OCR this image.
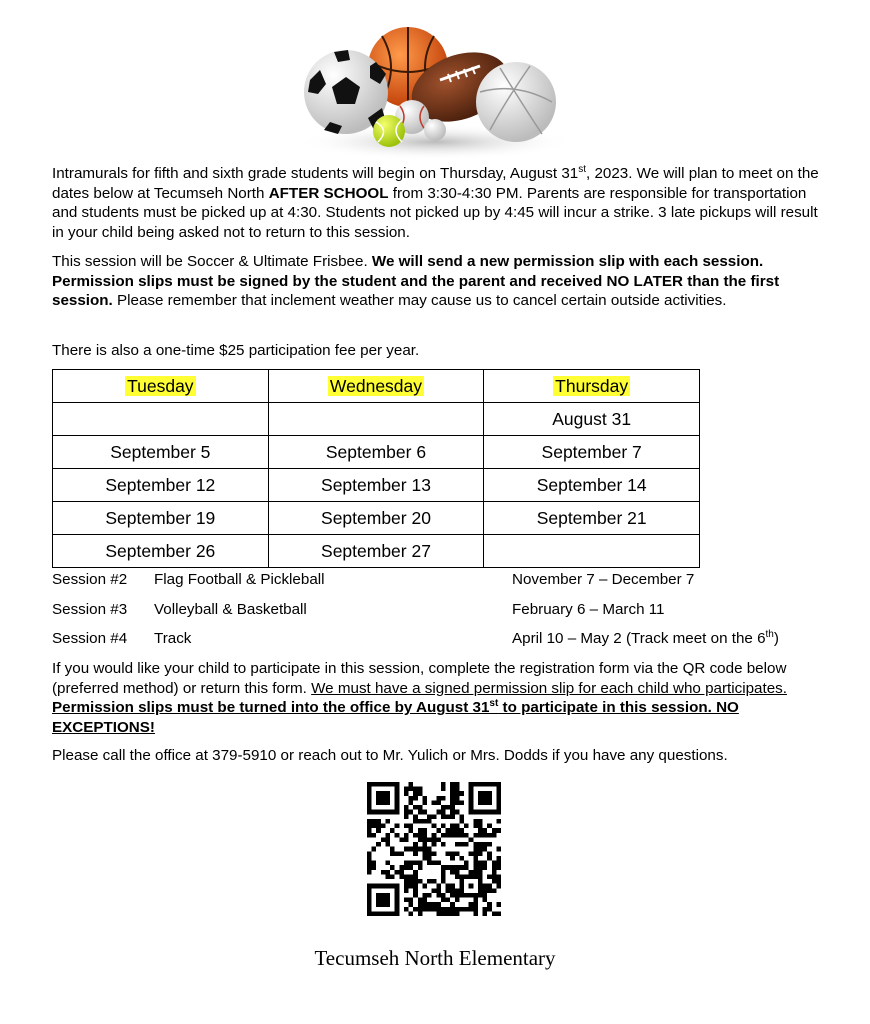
Intramurals for fifth and sixth grade students will begin on Thursday, August 31st, 2023. We will plan to meet on the dates below at Tecumseh North AFTER SCHOOL from 3:30-4:30 PM. Parents are responsible for transportation and students must be picked up at 4:30. Students not picked up by 4:45 will incur a strike. 3 late pickups will result in your child being asked not to return to this session.
This session will be Soccer & Ultimate Frisbee. We will send a new permission slip with each session. Permission slips must be signed by the student and the parent and received NO LATER than the first session. Please remember that inclement weather may cause us to cancel certain outside activities.
There is also a one-time $25 participation fee per year.
Tuesday	Wednesday	Thursday
		August 31
September 5	September 6	September 7
September 12	September 13	September 14
September 19	September 20	September 21
September 26	September 27	
Session #2 Flag Football & Pickleball	November 7 – December 7
Session #3 Volleyball & Basketball	February 6 – March 11
Session #4 Track	April 10 – May 2 (Track meet on the 6th)
If you would like your child to participate in this session, complete the registration form via the QR code below (preferred method) or return this form. We must have a signed permission slip for each child who participates. Permission slips must be turned into the office by August 31st to participate in this session. NO EXCEPTIONS!
Please call the office at 379-5910 or reach out to Mr. Yulich or Mrs. Dodds if you have any questions.
Tecumseh North Elementary
